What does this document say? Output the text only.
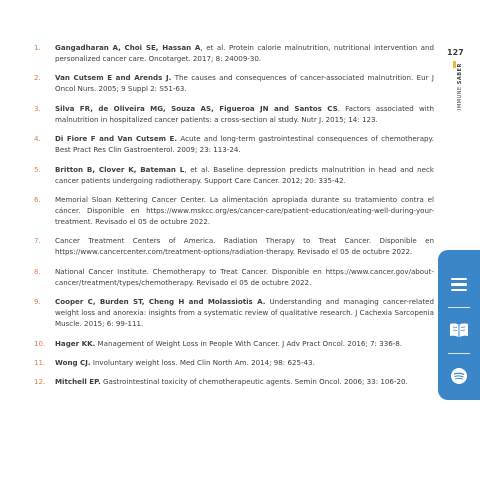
1.	Gangadharan A, Choi SE, Hassan A, et al. Protein calorie malnutrition, nutritional intervention and personalized cancer care. Oncotarget. 2017; 8: 24009-30.
2.	Van Cutsem E and Arends J. The causes and consequences of cancer-associated malnutrition. Eur J Oncol Nurs. 2005; 9 Suppl 2: S51-63.
3.	Silva FR, de Oliveira MG, Souza AS, Figueroa JN and Santos CS. Factors associated with malnutrition in hospitalized cancer patients: a cross-section al study. Nutr J. 2015; 14: 123.
4.	Di Fiore F and Van Cutsem E. Acute and long-term gastrointestinal consequences of chemotherapy. Best Pract Res Clin Gastroenterol. 2009; 23: 113-24.
5.	Britton B, Clover K, Bateman L, et al. Baseline depression predicts malnutrition in head and neck cancer patients undergoing radiotherapy. Support Care Cancer. 2012; 20: 335-42.
6.	Memorial Sloan Kettering Cancer Center. La alimentación apropiada durante su tratamiento contra el cáncer. Disponible en https://www.mskcc.org/es/cancer-care/patient-education/eating-well-during-your-treatment. Revisado el 05 de octubre 2022.
7.	Cancer Treatment Centers of America. Radiation Therapy to Treat Cancer. Disponible en https://www.cancercenter.com/treatment-options/radiation-therapy. Revisado el 05 de octubre 2022.
8.	National Cancer Institute. Chemotherapy to Treat Cancer. Disponible en https://www.cancer.gov/about-cancer/treatment/types/chemotherapy. Revisado el 05 de octubre 2022.
9.	Cooper C, Burden ST, Cheng H and Molassiotis A. Understanding and managing cancer-related weight loss and anorexia: insights from a systematic review of qualitative research. J Cachexia Sarcopenia Muscle. 2015; 6: 99-111.
10.	Hager KK. Management of Weight Loss in People With Cancer. J Adv Pract Oncol. 2016; 7: 336-8.
11.	Wong CJ. Involuntary weight loss. Med Clin North Am. 2014; 98: 625-43.
12.	Mitchell EP. Gastrointestinal toxicity of chemotherapeutic agents. Semin Oncol. 2006; 33: 106-20.
127
IMMUNE SABER
